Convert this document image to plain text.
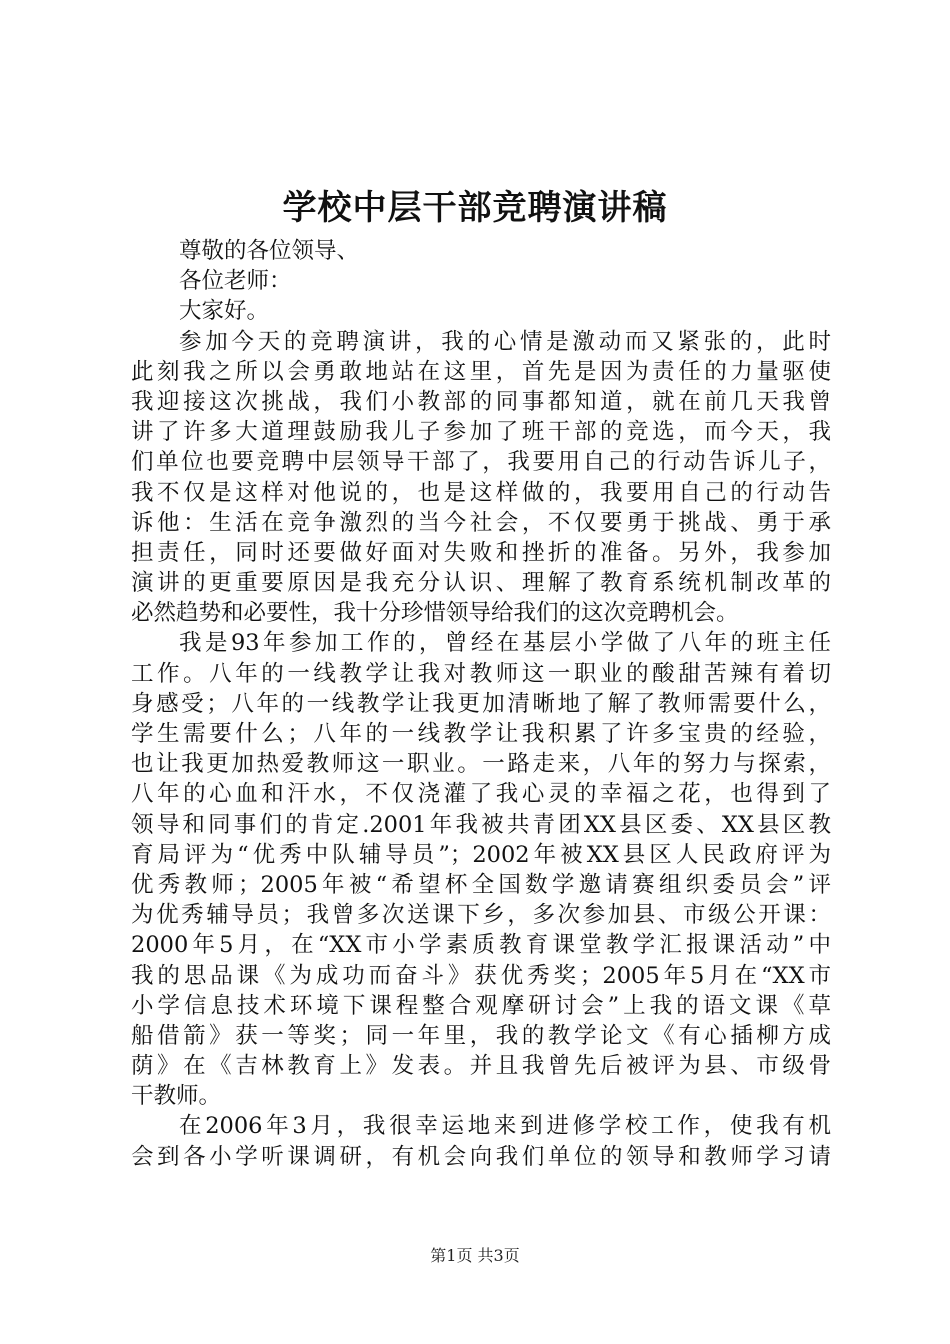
学校中层干部竞聘演讲稿
尊敬的各位领导、
各位老师：
大家好。
参加今天的竞聘演讲，我的心情是激动而又紧张的，此时
此刻我之所以会勇敢地站在这里，首先是因为责任的力量驱使
我迎接这次挑战，我们小教部的同事都知道，就在前几天我曾
讲了许多大道理鼓励我儿子参加了班干部的竞选，而今天，我
们单位也要竞聘中层领导干部了，我要用自己的行动告诉儿子，
我不仅是这样对他说的，也是这样做的，我要用自己的行动告
诉他：生活在竞争激烈的当今社会，不仅要勇于挑战、勇于承
担责任，同时还要做好面对失败和挫折的准备。另外，我参加
演讲的更重要原因是我充分认识、理解了教育系统机制改革的
必然趋势和必要性，我十分珍惜领导给我们的这次竞聘机会。
我是93年参加工作的，曾经在基层小学做了八年的班主任
工作。八年的一线教学让我对教师这一职业的酸甜苦辣有着切
身感受；八年的一线教学让我更加清晰地了解了教师需要什么，
学生需要什么；八年的一线教学让我积累了许多宝贵的经验，
也让我更加热爱教师这一职业。一路走来，八年的努力与探索，
八年的心血和汗水，不仅浇灌了我心灵的幸福之花，也得到了
领导和同事们的肯定.2001年我被共青团XX县区委、XX县区教
育局评为“优秀中队辅导员”；2002年被XX县区人民政府评为
优秀教师；2005年被“希望杯全国数学邀请赛组织委员会”评
为优秀辅导员；我曾多次送课下乡，多次参加县、市级公开课：
2000年5月，在“XX市小学素质教育课堂教学汇报课活动”中
我的思品课《为成功而奋斗》获优秀奖；2005年5月在“XX市
小学信息技术环境下课程整合观摩研讨会”上我的语文课《草
船借箭》获一等奖；同一年里，我的教学论文《有心插柳方成
荫》在《吉林教育上》发表。并且我曾先后被评为县、市级骨
干教师。
在2006年3月，我很幸运地来到进修学校工作，使我有机
会到各小学听课调研，有机会向我们单位的领导和教师学习请
第1页 共3页
